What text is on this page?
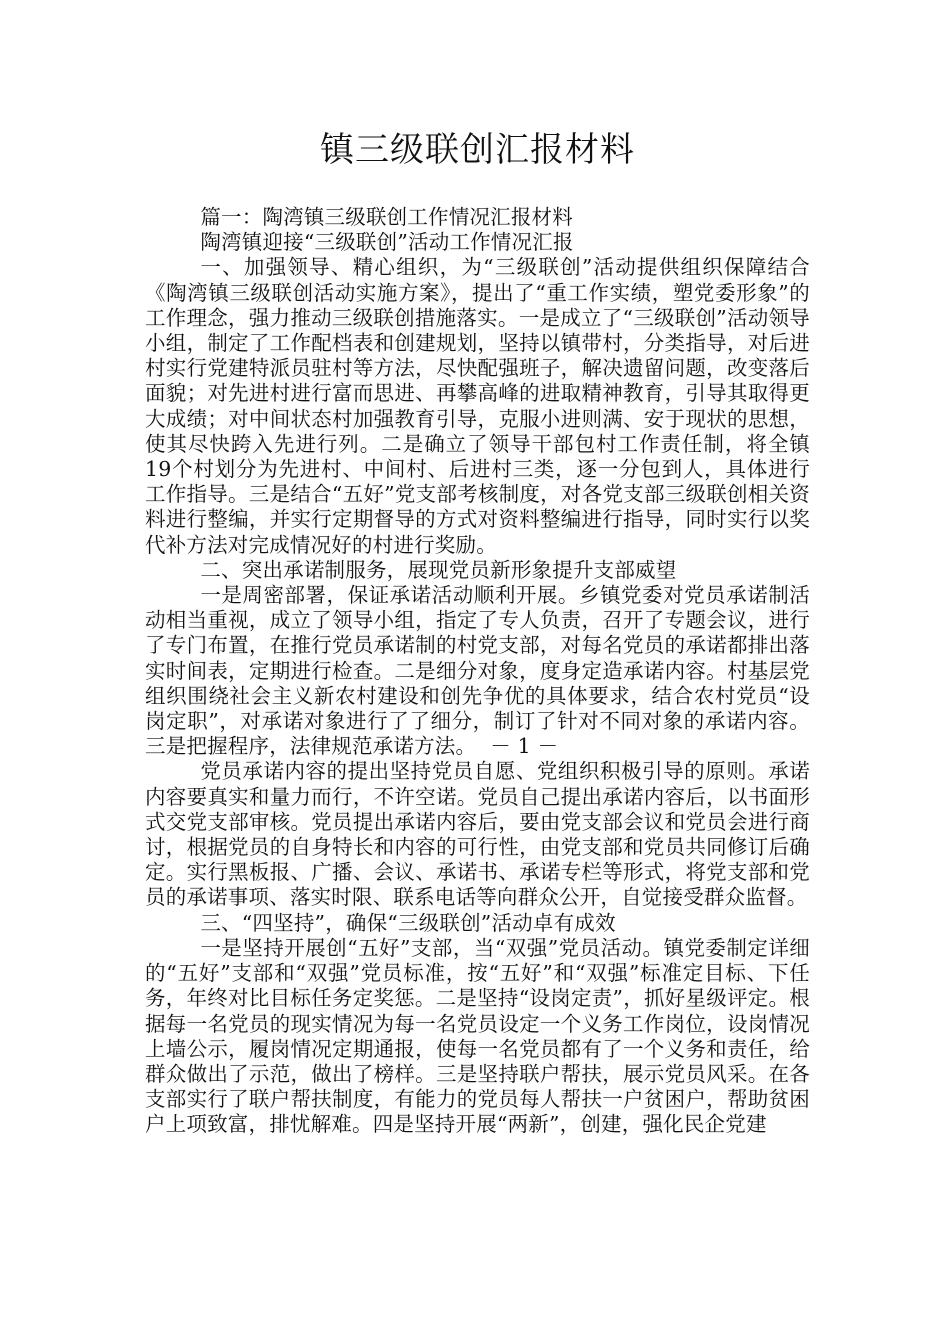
镇三级联创汇报材料

篇一：陶湾镇三级联创工作情况汇报材料

陶湾镇迎接“三级联创”活动工作情况汇报

一、加强领导、精心组织，为“三级联创”活动提供组织保障结合《陶湾镇三级联创活动实施方案》，提出了“重工作实绩，塑党委形象”的工作理念，强力推动三级联创措施落实。一是成立了“三级联创”活动领导小组，制定了工作配档表和创建规划，坚持以镇带村，分类指导，对后进村实行党建特派员驻村等方法，尽快配强班子，解决遗留问题，改变落后面貌；对先进村进行富而思进、再攀高峰的进取精神教育，引导其取得更大成绩；对中间状态村加强教育引导，克服小进则满、安于现状的思想，使其尽快跨入先进行列。二是确立了领导干部包村工作责任制，将全镇19个村划分为先进村、中间村、后进村三类，逐一分包到人，具体进行工作指导。三是结合“五好”党支部考核制度，对各党支部三级联创相关资料进行整编，并实行定期督导的方式对资料整编进行指导，同时实行以奖代补方法对完成情况好的村进行奖励。

二、突出承诺制服务，展现党员新形象提升支部威望

一是周密部署，保证承诺活动顺利开展。乡镇党委对党员承诺制活动相当重视，成立了领导小组，指定了专人负责，召开了专题会议，进行了专门布置，在推行党员承诺制的村党支部，对每名党员的承诺都排出落实时间表，定期进行检查。二是细分对象，度身定造承诺内容。村基层党组织围绕社会主义新农村建设和创先争优的具体要求，结合农村党员“设岗定职”，对承诺对象进行了了细分，制订了针对不同对象的承诺内容。三是把握程序，法律规范承诺方法。 － 1 －

党员承诺内容的提出坚持党员自愿、党组织积极引导的原则。承诺内容要真实和量力而行，不许空诺。党员自己提出承诺内容后，以书面形式交党支部审核。党员提出承诺内容后，要由党支部会议和党员会进行商讨，根据党员的自身特长和内容的可行性，由党支部和党员共同修订后确定。实行黑板报、广播、会议、承诺书、承诺专栏等形式，将党支部和党员的承诺事项、落实时限、联系电话等向群众公开，自觉接受群众监督。

三、“四坚持”，确保“三级联创”活动卓有成效

一是坚持开展创“五好”支部，当“双强”党员活动。镇党委制定详细的“五好”支部和“双强”党员标准，按“五好”和“双强”标准定目标、下任务，年终对比目标任务定奖惩。二是坚持“设岗定责”，抓好星级评定。根据每一名党员的现实情况为每一名党员设定一个义务工作岗位，设岗情况上墙公示，履岗情况定期通报，使每一名党员都有了一个义务和责任，给群众做出了示范，做出了榜样。三是坚持联户帮扶，展示党员风采。在各支部实行了联户帮扶制度，有能力的党员每人帮扶一户贫困户，帮助贫困户上项致富，排忧解难。四是坚持开展“两新”，创建，强化民企党建
